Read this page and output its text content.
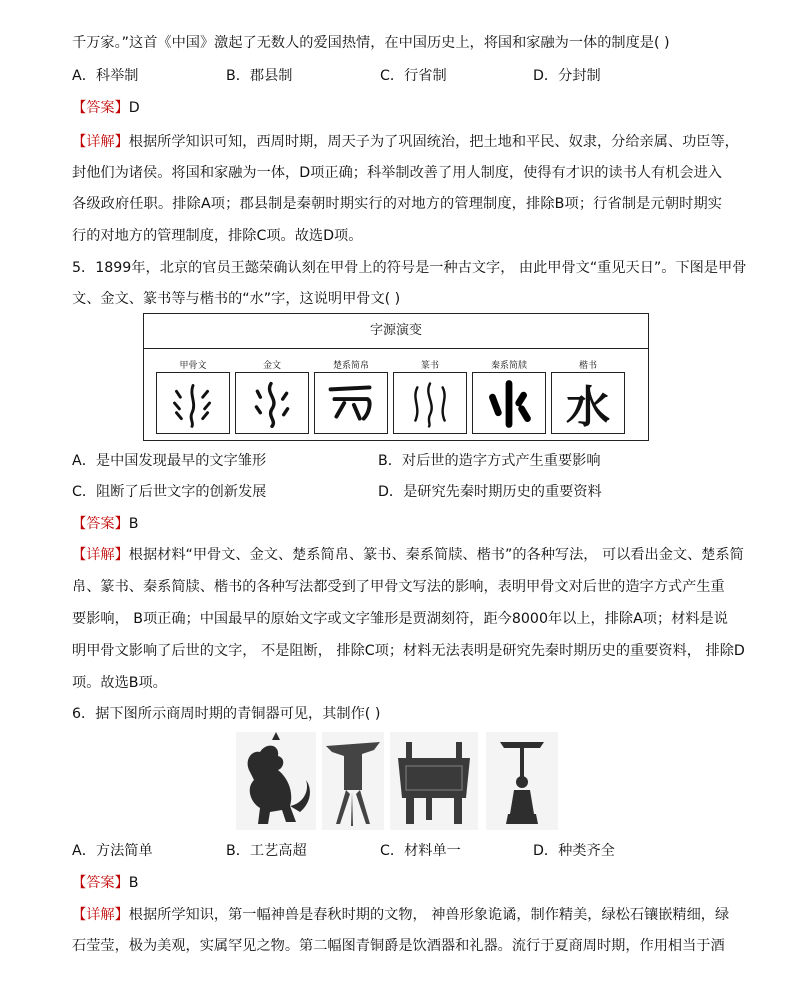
千万家。”这首《中国》激起了无数人的爱国热情，在中国历史上，将国和家融为一体的制度是( )
A．科举制	B．郡县制	C．行省制	D．分封制
【答案】D
【详解】根据所学知识可知，西周时期，周天子为了巩固统治，把土地和平民、奴隶，分给亲属、功臣等，
封他们为诸侯。将国和家融为一体，D项正确；科举制改善了用人制度，使得有才识的读书人有机会进入
各级政府任职。排除A项；郡县制是秦朝时期实行的对地方的管理制度，排除B项；行省制是元朝时期实
行的对地方的管理制度，排除C项。故选D项。
5．1899年，北京的官员王懿荣确认刻在甲骨上的符号是一种古文字， 由此甲骨文“重见天日”。下图是甲骨
文、金文、篆书等与楷书的“水”字，这说明甲骨文( )
字源演变
甲骨文	金文	楚系简帛	篆书	秦系简牍	楷书
水
A．是中国发现最早的文字雏形	B．对后世的造字方式产生重要影响
C．阻断了后世文字的创新发展	D．是研究先秦时期历史的重要资料
【答案】B
【详解】根据材料“甲骨文、金文、楚系简帛、篆书、秦系简牍、楷书”的各种写法， 可以看出金文、楚系简
帛、篆书、秦系简牍、楷书的各种写法都受到了甲骨文写法的影响，表明甲骨文对后世的造字方式产生重
要影响， B项正确；中国最早的原始文字或文字雏形是贾湖刻符，距今8000年以上，排除A项；材料是说
明甲骨文影响了后世的文字， 不是阻断， 排除C项；材料无法表明是研究先秦时期历史的重要资料， 排除D
项。故选B项。
6．据下图所示商周时期的青铜器可见，其制作( )
A．方法简单	B．工艺高超	C．材料单一	D．种类齐全
【答案】B
【详解】根据所学知识，第一幅神兽是春秋时期的文物， 神兽形象诡谲，制作精美，绿松石镶嵌精细，绿
石莹莹，极为美观，实属罕见之物。第二幅图青铜爵是饮酒器和礼器。流行于夏商周时期，作用相当于酒
